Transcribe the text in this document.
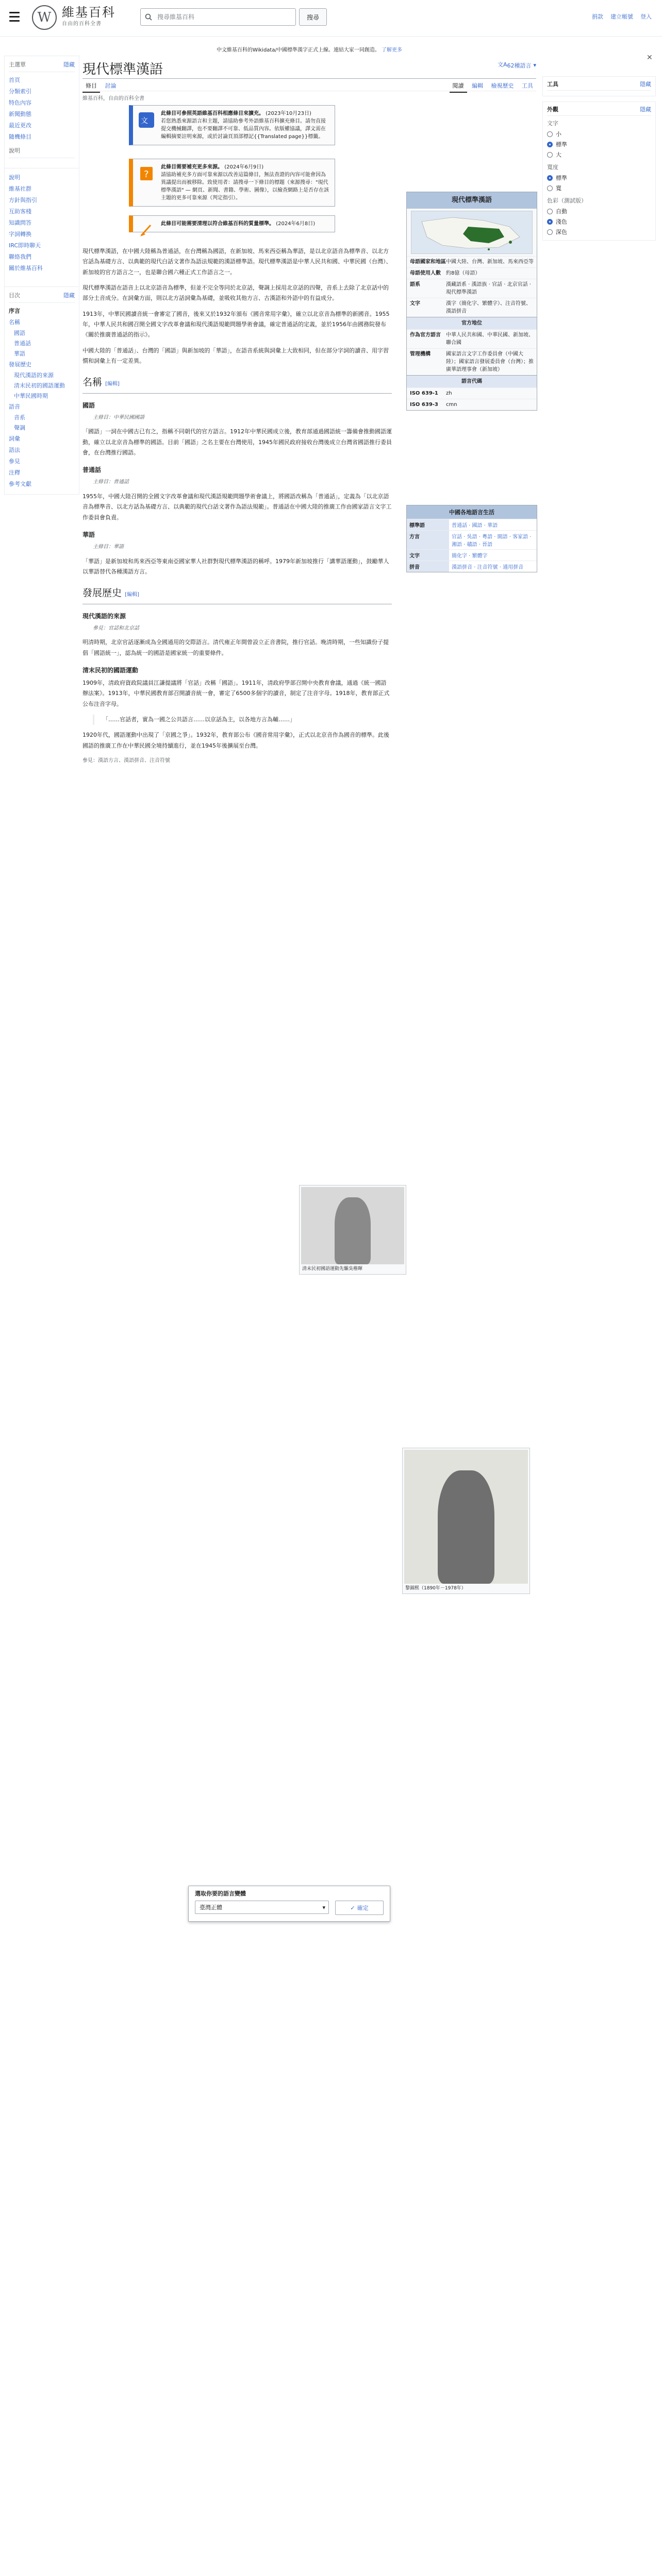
W 維基百科
自由的百科全書
搜尋維基百科
搜尋	捐款 建立帳號 登入
主選單	隱藏
首頁
分類索引
特色內容
新聞動態
最近更改
隨機條目
說明
說明
維基社群
方針與指引
互助客棧
知識問答
字詞轉換
IRC即時聊天
聯絡我們
關於維基百科
目次	隱藏
序言
名稱
國語
普通話
華語
發展歷史
現代漢語的來源
清末民初的國語運動
中華民國時期
語音
音系
聲調
詞彙
語法
參見
注釋
參考文獻
中文維基百科的Wikidata/中國標準漢字正式上線。連結大家一同創造。 了解更多
現代標準漢語	文A 62種語言 ▾
條目 討論	閱讀 編輯 檢視歷史 工具
維基百科，自由的百科全書
文
此條目可參照英語維基百科相應條目來擴充。 (2023年10月23日)
若您熟悉來源語言和主題，請協助參考外語維基百科擴充條目。請勿直接提交機械翻譯，也不要翻譯不可靠、低品質內容。依版權協議，譯文需在編輯摘要註明來源，或於討論頁頂部標記{{Translated page}}標籤。
?
此條目需要補充更多來源。 (2024年6月9日)
請協助補充多方面可靠來源以改善這篇條目，無法查證的內容可能會因為異議提出而被移除。致使用者：請搜尋一下條目的標題（來源搜尋："現代標準漢語" — 網頁、新聞、書籍、學術、圖像），以檢查網路上是否存在該主題的更多可靠來源（判定指引）。
此條目可能需要清理以符合維基百科的質量標準。 (2024年6月8日)

現代標準漢語，在中國大陸稱為普通話，在台灣稱為國語，在新加坡、馬來西亞稱為華語，是以北京語音為標準音、以北方官話為基礎方言、以典範的現代白話文著作為語法規範的漢語標準語。現代標準漢語是中華人民共和國、中華民國（台灣）、新加坡的官方語言之一，也是聯合國六種正式工作語言之一。

現代標準漢語在語音上以北京語音為標準，但並不完全等同於北京話，聲調上採用北京話的四聲，音系上去除了北京話中的部分土音成分。在詞彙方面，則以北方話詞彙為基礎，並吸收其他方言、古漢語和外語中的有益成分。

1913年，中華民國讀音統一會審定了國音，後來又於1932年頒布《國音常用字彙》，確立以北京音為標準的新國音。1955年，中華人民共和國召開全國文字改革會議和現代漢語規範問題學術會議，確定普通話的定義，並於1956年由國務院發布《關於推廣普通話的指示》。

中國大陸的「普通話」、台灣的「國語」與新加坡的「華語」，在語音系統與詞彙上大致相同，但在部分字詞的讀音、用字習慣和詞彙上有一定差異。

名稱 [編輯]
國語
主條目：中華民國國語

「國語」一詞在中國古已有之，指稱不同朝代的官方語言。1912年中華民國成立後，教育部通過國語統一籌備會推動國語運動，確立以北京音為標準的國語。目前「國語」之名主要在台灣使用，1945年國民政府接收台灣後成立台灣省國語推行委員會，在台灣推行國語。

普通話
主條目：普通話

1955年，中國大陸召開的全國文字改革會議和現代漢語規範問題學術會議上，將國語改稱為「普通話」，定義為「以北京語音為標準音、以北方話為基礎方言、以典範的現代白話文著作為語法規範」。普通話在中國大陸的推廣工作由國家語言文字工作委員會負責。

華語
主條目：華語

「華語」是新加坡和馬來西亞等東南亞國家華人社群對現代標準漢語的稱呼。1979年新加坡推行「講華語運動」，鼓勵華人以華語替代各種漢語方言。

發展歷史 [編輯]
現代漢語的來源
參見：官話和北京話

明清時期，北京官話逐漸成為全國通用的交際語言。清代雍正年間曾設立正音書院，推行官話。晚清時期，一些知識份子提倡「國語統一」，認為統一的國語是國家統一的重要條件。

清末民初的國語運動

1909年，清政府資政院議員江謙提議將「官話」改稱「國語」。1911年，清政府學部召開中央教育會議，通過《統一國語辦法案》。1913年，中華民國教育部召開讀音統一會，審定了6500多個字的讀音，制定了注音字母。1918年，教育部正式公布注音字母。

「……官話者，實為一國之公共語言……以京話為主，以各地方言為輔……」

1920年代，國語運動中出現了「京國之爭」。1932年，教育部公布《國音常用字彙》，正式以北京音作為國音的標準。此後國語的推廣工作在中華民國全境持續進行，並在1945年後擴展至台灣。

參見：漢語方言、漢語拼音、注音符號

現代標準漢語
母語國家和地區 中國大陸、台灣、新加坡、馬來西亞等
母語使用人數	約8億（母語）
語系	漢藏語系 · 漢語族 · 官話 · 北京官話 · 現代標準漢語
文字	漢字（簡化字、繁體字）、注音符號、漢語拼音
官方地位
作為官方語言	中華人民共和國、中華民國、新加坡、聯合國
管理機構	國家語言文字工作委員會（中國大陸）；國家語言發展委員會（台灣）；推廣華語理事會（新加坡）
語言代碼
ISO 639-1	zh
ISO 639-3	cmn
中國各地語言生活
標準語	普通話 · 國語 · 華語
方言	官話 · 吳語 · 粵語 · 閩語 · 客家語 · 湘語 · 贛語 · 晉語
文字	簡化字 · 繁體字
拼音	漢語拼音 · 注音符號 · 通用拼音
工具	隱藏
外觀	隱藏
文字
小
標準
大
寬度
標準
寬
色彩（測試版）
自動
淺色
深色
✕
清末民初國語運動先驅吳稚暉
黎錦熙（1890年－1978年）
選取你要的語言變體
臺灣正體	▾	✓ 確定
